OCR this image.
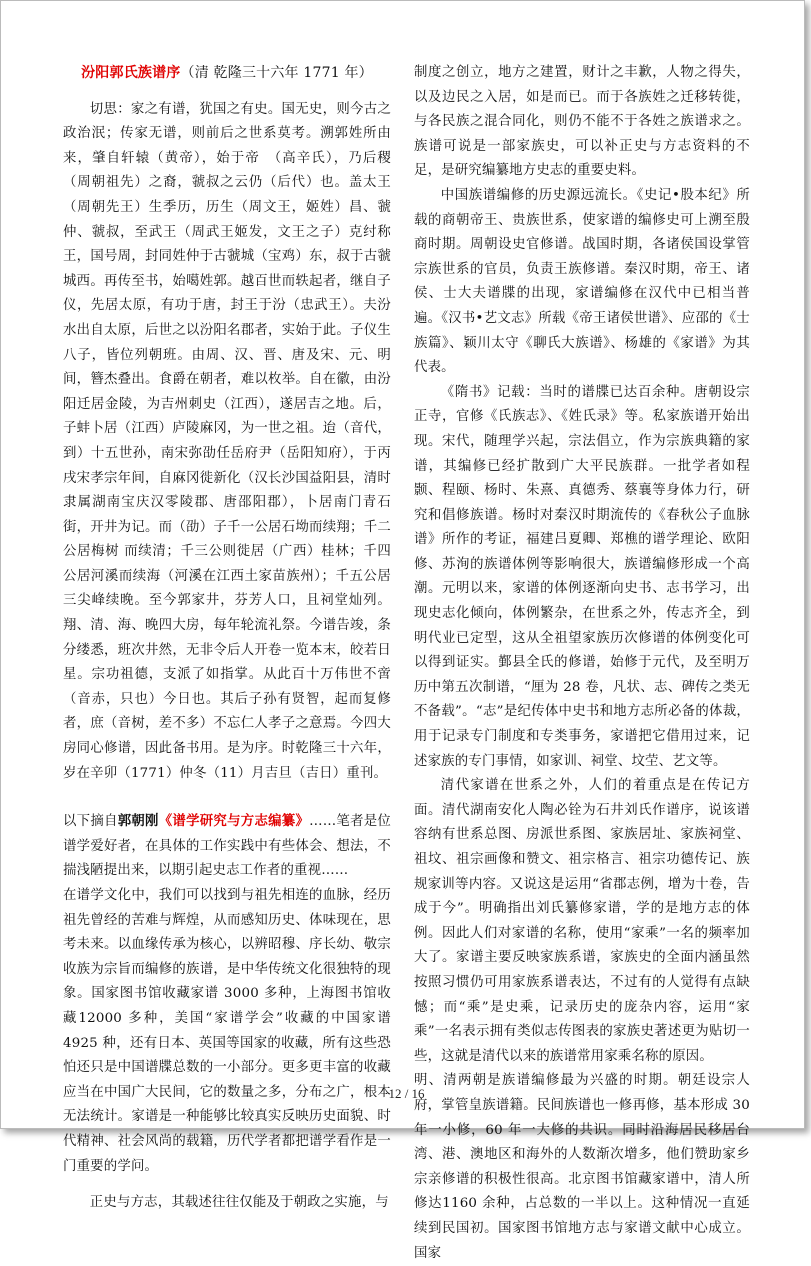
汾阳郭氏族谱序（清 乾隆三十六年 1771 年）

切思：家之有谱，犹国之有史。国无史，则今古之政治泯；传家无谱，则前后之世系莫考。溯郭姓所由来，肇自轩辕（黄帝），始于帝　（高辛氏），乃后稷（周朝祖先）之裔，虢叔之云仍（后代）也。盖太王（周朝先王）生季历，历生（周文王，姬姓）昌、虢仲、虢叔，至武王（周武王姬发，文王之子）克纣称王，国号周，封同姓仲于古虢城（宝鸡）东，叔于古虢城西。再传至书，始噶姓郭。越百世而轶起者，继自子仪，先居太原，有功于唐，封王于汾（忠武王）。夫汾水出自太原，后世之以汾阳名郡者，实始于此。子仪生八子，皆位列朝班。由周、汉、晋、唐及宋、元、明间，簪杰叠出。食爵在朝者，难以枚举。自在徽，由汾阳迁居金陵，为吉州刺史（江西），遂居吉之地。后，子蚌卜居（江西）庐陵麻冈，为一世之祖。迨（音代，到）十五世孙，南宋弥劭任岳府尹（岳阳知府），于丙戌宋孝宗年间，自麻冈徙新化（汉长沙国益阳县，清时隶属湖南宝庆汉零陵郡、唐邵阳郡），卜居南门青石街，开井为记。而（劭）子千一公居石坳而续翔；千二公居梅树 而续清；千三公则徙居（广西）桂林；千四公居河溪而续海（河溪在江西土家苗族州）；千五公居三尖峰续晚。至今郭家井，芬芳人口，且祠堂灿列。翔、清、海、晚四大房，每年轮流礼祭。今谱告竣，条分缕悉，班次井然，无非令后人开卷一览本末，皎若日星。宗功祖德，支派了如指掌。从此百十万伟世不啻（音赤，只也）今日也。其后子孙有贤智，起而复修者，庶（音树，差不多）不忘仁人孝子之意焉。今四大房同心修谱，因此备书用。是为序。时乾隆三十六年，岁在辛卯（1771）仲冬（11）月吉旦（吉日）重刊。

以下摘自郭朝刚《谱学研究与方志编纂》……笔者是位谱学爱好者，在具体的工作实践中有些体会、想法，不揣浅陋提出来，以期引起史志工作者的重视……

在谱学文化中，我们可以找到与祖先相连的血脉，经历祖先曾经的苦难与辉煌，从而感知历史、体味现在，思考未来。以血缘传承为核心，以辨昭穆、序长幼、敬宗收族为宗旨而编修的族谱，是中华传统文化很独特的现象。国家图书馆收藏家谱 3000 多种，上海图书馆收藏12000 多种，美国“家谱学会”收藏的中国家谱 4925 种，还有日本、英国等国家的收藏，所有这些恐怕还只是中国谱牒总数的一小部分。更多更丰富的收藏应当在中国广大民间，它的数量之多，分布之广，根本无法统计。家谱是一种能够比较真实反映历史面貌、时代精神、社会风尚的载籍，历代学者都把谱学看作是一门重要的学问。

正史与方志，其载述往往仅能及于朝政之实施，与

制度之创立，地方之建置，财计之丰歉，人物之得失，以及边民之入居，如是而已。而于各族姓之迁移转徙，与各民族之混合同化，则仍不能不于各姓之族谱求之。族谱可说是一部家族史，可以补正史与方志资料的不足，是研究编纂地方史志的重要史料。

中国族谱编修的历史源远流长。《史记•股本纪》所载的商朝帝王、贵族世系，使家谱的编修史可上溯至殷商时期。周朝设史官修谱。战国时期，各诸侯国设掌管宗族世系的官员，负责王族修谱。秦汉时期，帝王、诸侯、士大夫谱牒的出现，家谱编修在汉代中已相当普遍。《汉书•艺文志》所载《帝王诸侯世谱》、应邵的《士族篇》、颖川太守《聊氏大族谱》、杨雄的《家谱》为其代表。

《隋书》记载：当时的谱牒已达百余种。唐朝设宗正寺，官修《氏族志》、《姓氏录》等。私家族谱开始出现。宋代，随理学兴起，宗法倡立，作为宗族典籍的家谱，其编修已经扩散到广大平民族群。一批学者如程颢、程颐、杨时、朱熹、真德秀、蔡襄等身体力行，研究和倡修族谱。杨时对秦汉时期流传的《春秋公子血脉谱》所作的考证，福建吕夏卿、郑樵的谱学理论、欧阳修、苏洵的族谱体例等影响很大，族谱编修形成一个高潮。元明以来，家谱的体例逐渐向史书、志书学习，出现史志化倾向，体例繁杂，在世系之外，传志齐全，到明代业已定型，这从全祖望家族历次修谱的体例变化可以得到证实。鄞县全氏的修谱，始修于元代，及至明万历中第五次制谱，“厘为 28 卷，凡状、志、碑传之类无不备载”。“志”是纪传体中史书和地方志所必备的体裁，用于记录专门制度和专类事务，家谱把它借用过来，记述家族的专门事情，如家训、祠堂、坟茔、艺文等。

清代家谱在世系之外，人们的着重点是在传记方面。清代湖南安化人陶必铨为石井刘氏作谱序，说该谱容纳有世系总图、房派世系图、家族居址、家族祠堂、祖坟、祖宗画像和赞文、祖宗格言、祖宗功德传记、族规家训等内容。又说这是运用“省郡志例，增为十卷，告成于今”。明确指出刘氏纂修家谱，学的是地方志的体例。因此人们对家谱的名称，使用“家乘”一名的频率加大了。家谱主要反映家族系谱，家族史的全面内涵虽然按照习惯仍可用家族系谱表达，不过有的人觉得有点缺憾；而“乘”是史乘，记录历史的庞杂内容，运用“家乘”一名表示拥有类似志传图表的家族史著述更为贴切一些，这就是清代以来的族谱常用家乘名称的原因。

明、清两朝是族谱编修最为兴盛的时期。朝廷设宗人府，掌管皇族谱籍。民间族谱也一修再修，基本形成 30 年一小修，60 年一大修的共识。同时沿海居民移居台湾、港、澳地区和海外的人数渐次增多，他们赞助家乡宗亲修谱的积极性很高。北京图书馆藏家谱中，清人所修达1160 余种，占总数的一半以上。这种情况一直延续到民国初。国家图书馆地方志与家谱文献中心成立。国家

12 / 16
